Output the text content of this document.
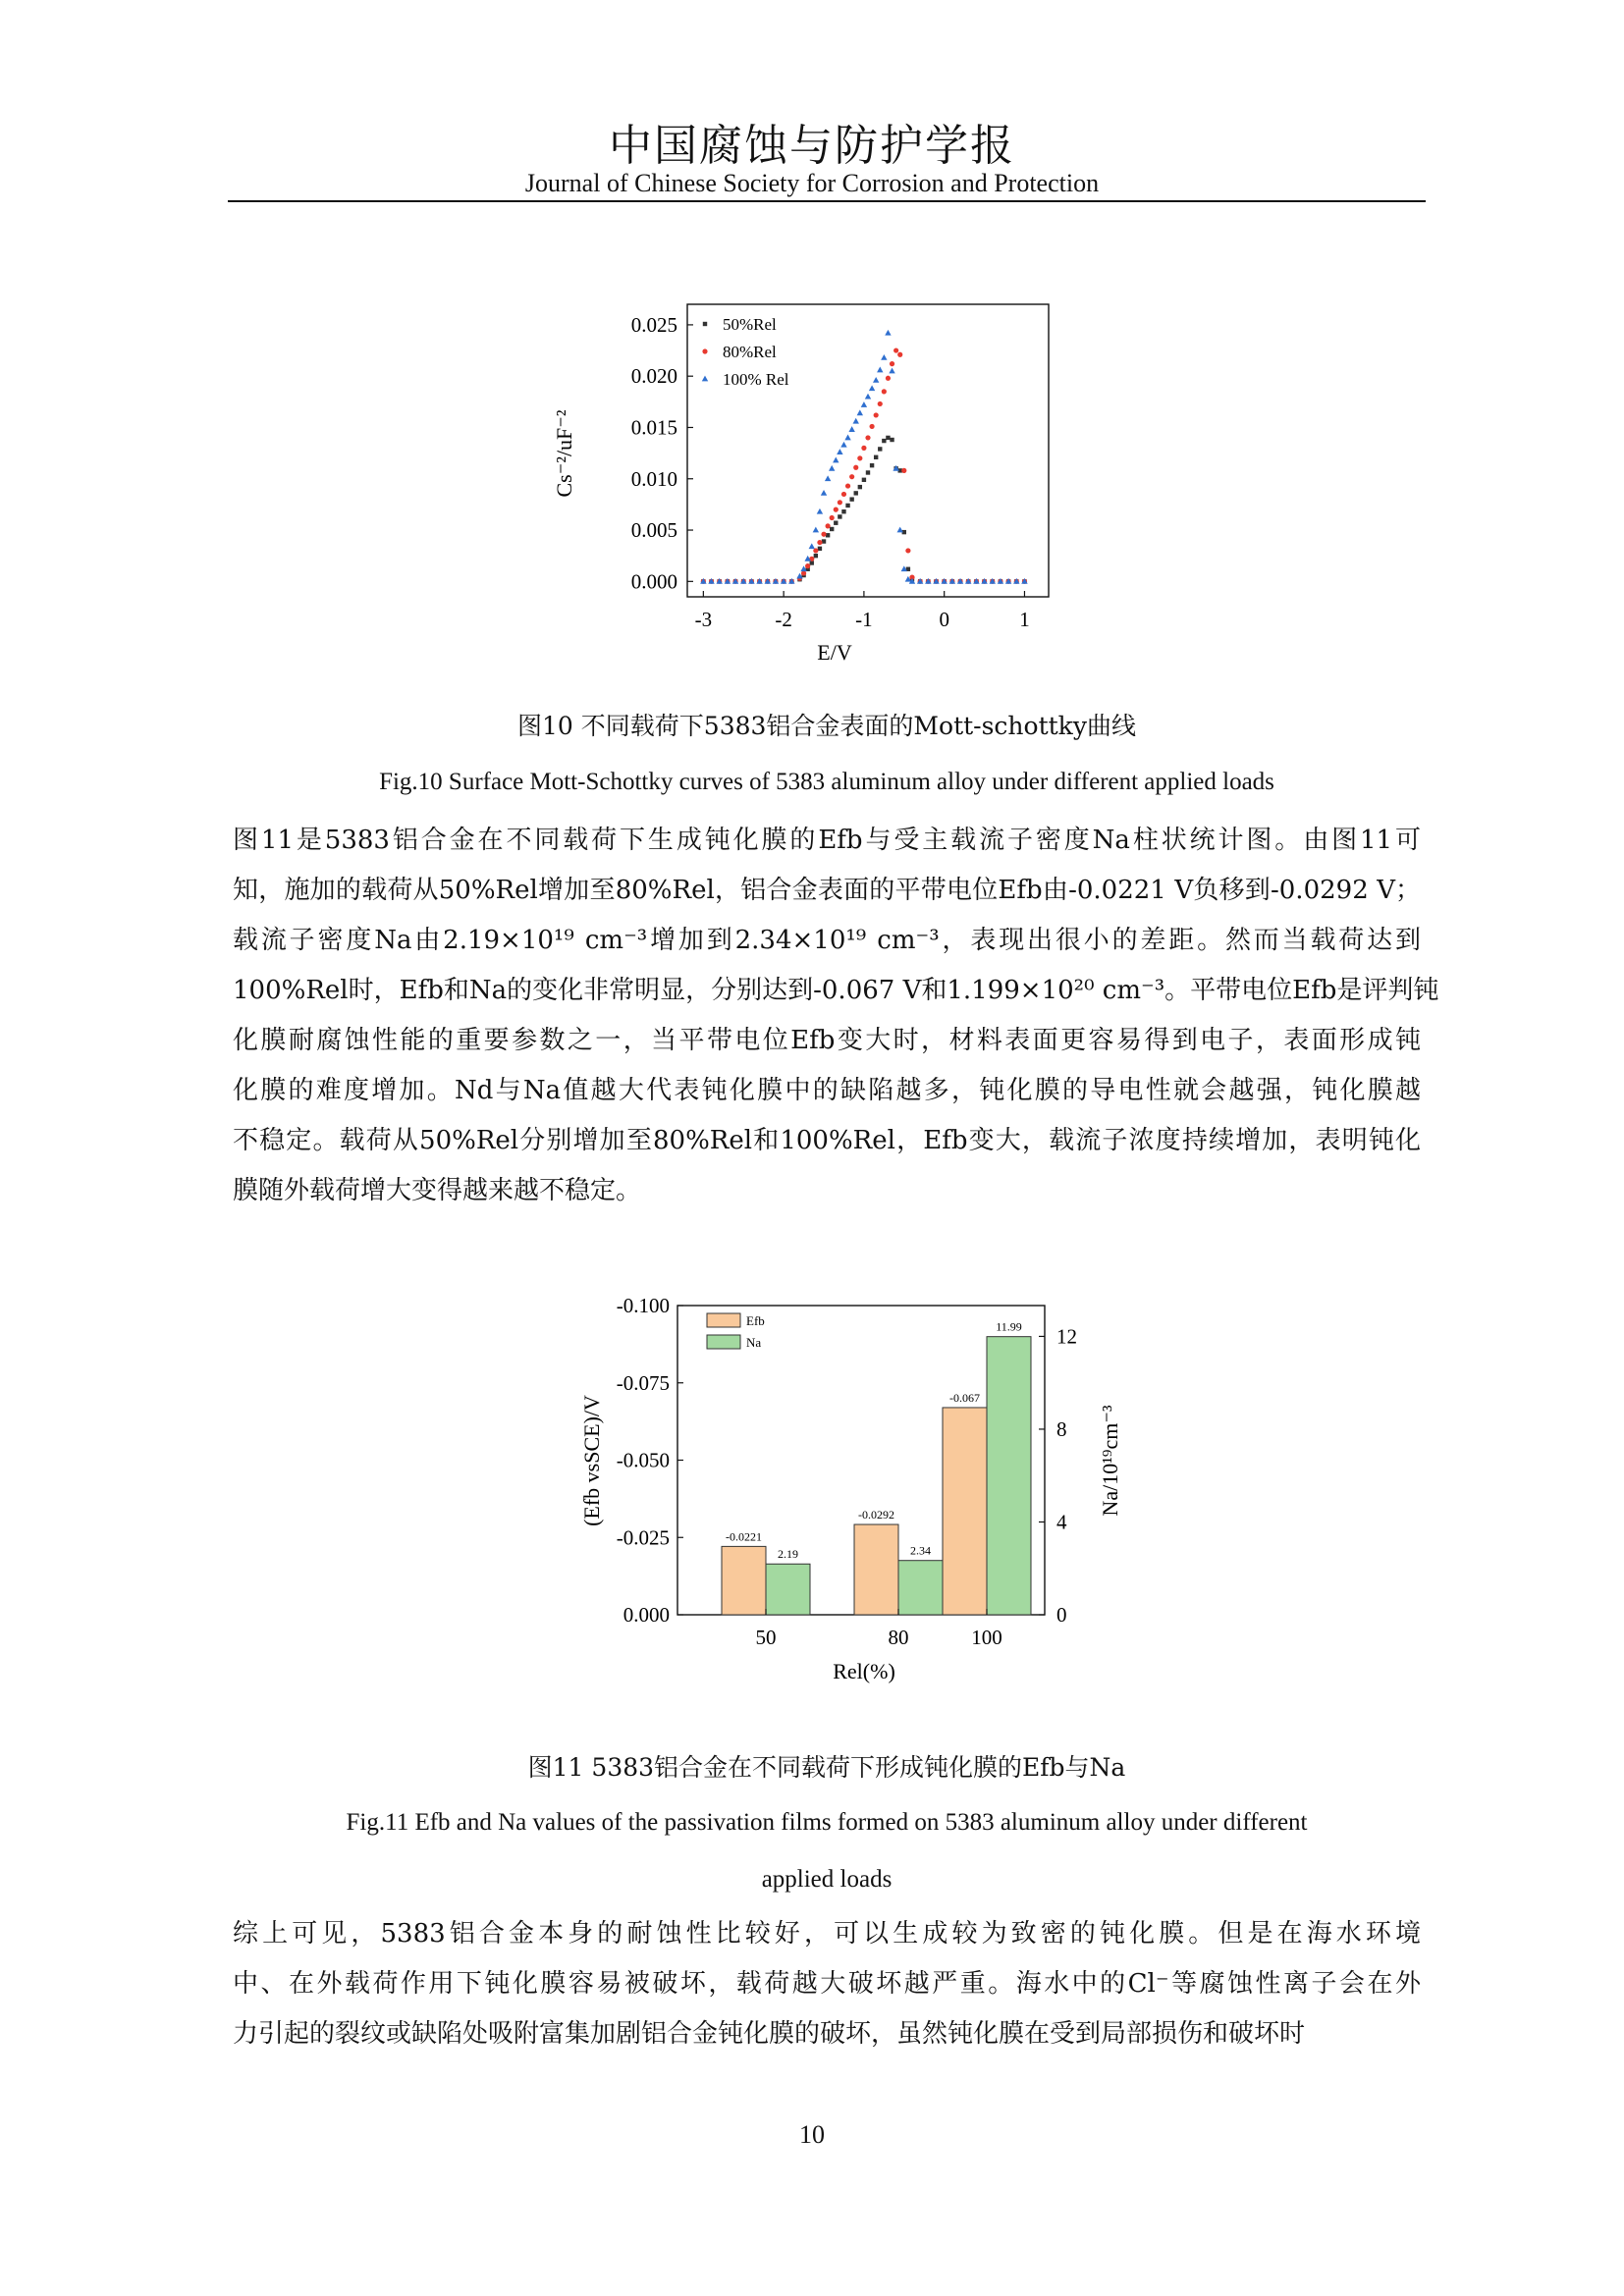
中国腐蚀与防护学报
Journal of Chinese Society for Corrosion and Protection
0.000
0.005
0.010
0.015
0.020
0.025
-3	-2	-1	0	1
50%Rel
80%Rel
100% Rel
E/V
Cs⁻²/uF⁻²
图10 不同载荷下5383铝合金表面的Mott-schottky曲线
Fig.10 Surface Mott-Schottky curves of 5383 aluminum alloy under different applied loads
图11是5383铝合金在不同载荷下生成钝化膜的Efb与受主载流子密度Na柱状统计图。由图11可
知，施加的载荷从50%Rel增加至80%Rel，铝合金表面的平带电位Efb由-0.0221 V负移到-0.0292 V；
载流子密度Na由2.19×10¹⁹ cm⁻³增加到2.34×10¹⁹ cm⁻³，表现出很小的差距。然而当载荷达到
100%Rel时，Efb和Na的变化非常明显，分别达到-0.067 V和1.199×10²⁰ cm⁻³。平带电位Efb是评判钝
化膜耐腐蚀性能的重要参数之一，当平带电位Efb变大时，材料表面更容易得到电子，表面形成钝
化膜的难度增加。Nd与Na值越大代表钝化膜中的缺陷越多，钝化膜的导电性就会越强，钝化膜越
不稳定。载荷从50%Rel分别增加至80%Rel和100%Rel，Efb变大，载流子浓度持续增加，表明钝化
膜随外载荷增大变得越来越不稳定。
-0.0221
2.19
-0.0292
2.34
-0.067
11.99
0.000
-0.025
-0.050
-0.075
-0.100
0
4
8
12
50	80	100
Efb
Na
Rel(%)
(Efb vsSCE)/V	Na/10¹⁹cm⁻³
图11 5383铝合金在不同载荷下形成钝化膜的Efb与Na
Fig.11 Efb and Na values of the passivation films formed on 5383 aluminum alloy under different
applied loads
综上可见，5383铝合金本身的耐蚀性比较好，可以生成较为致密的钝化膜。但是在海水环境
中、在外载荷作用下钝化膜容易被破坏，载荷越大破坏越严重。海水中的Cl⁻等腐蚀性离子会在外
力引起的裂纹或缺陷处吸附富集加剧铝合金钝化膜的破坏，虽然钝化膜在受到局部损伤和破坏时
10
